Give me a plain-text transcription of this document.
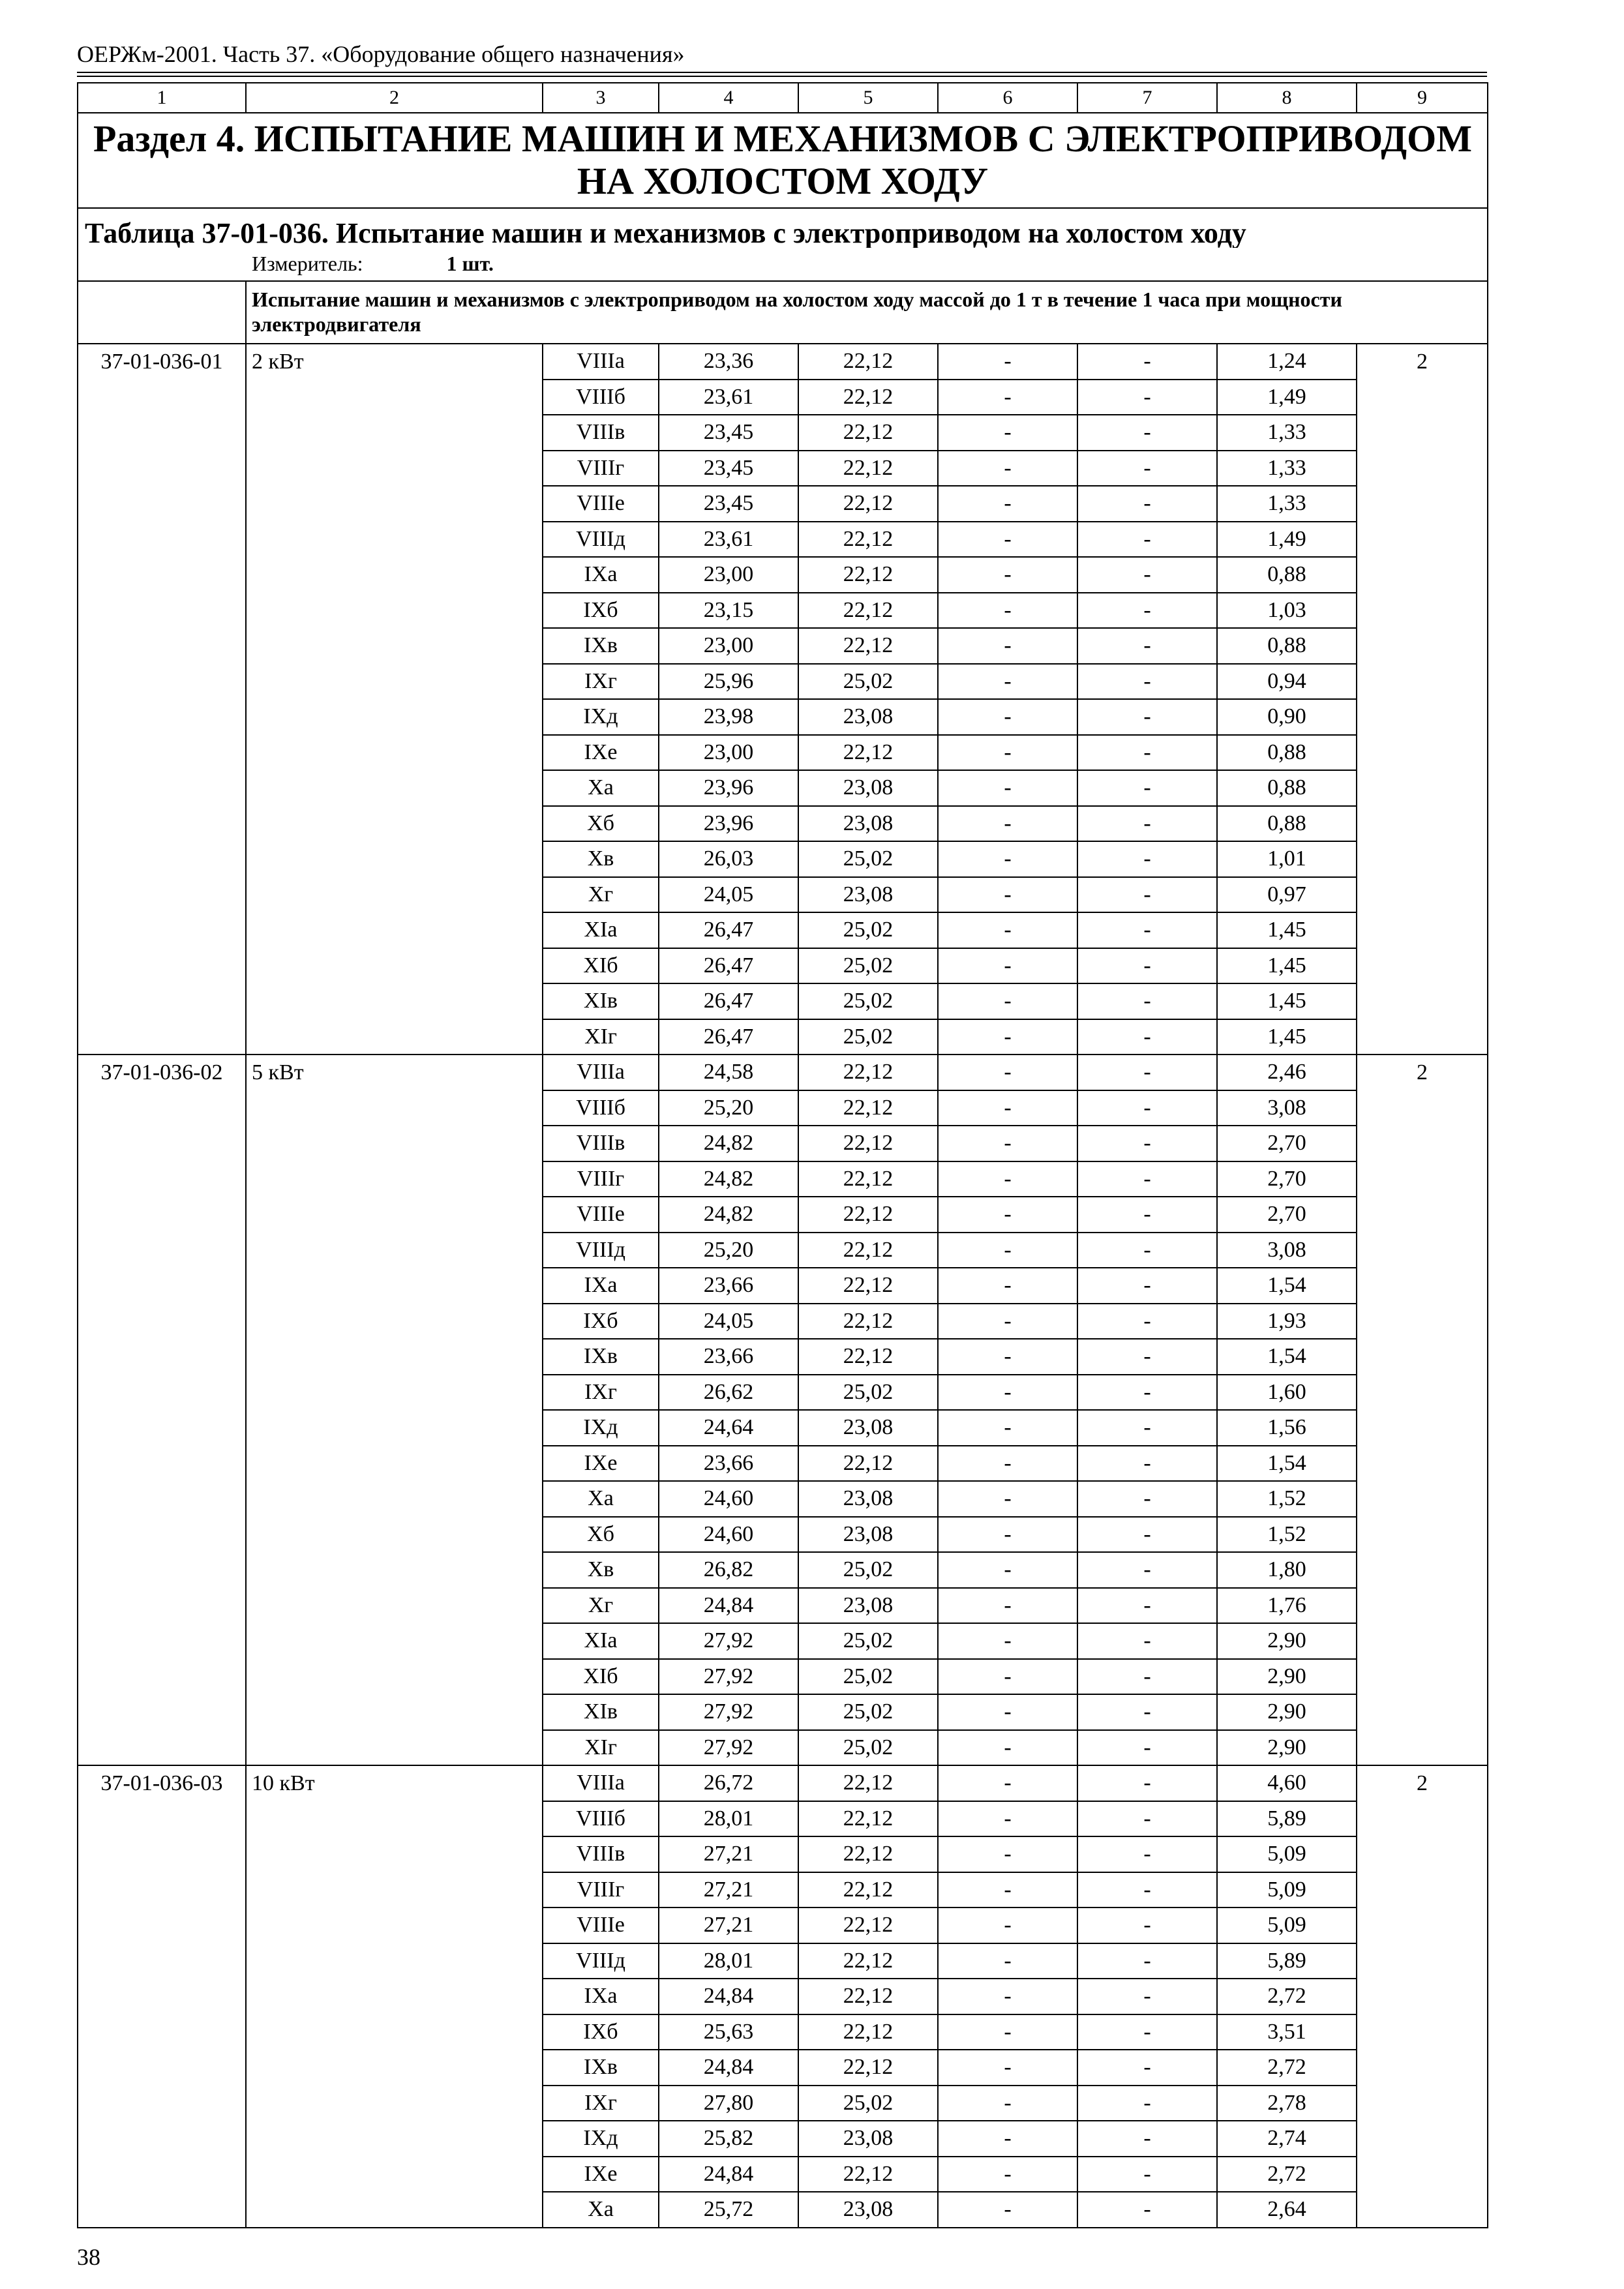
ОЕРЖм-2001. Часть 37. «Оборудование общего назначения»
1	2	3	4	5	6	7	8	9
Раздел 4. ИСПЫТАНИЕ МАШИН И МЕХАНИЗМОВ С ЭЛЕКТРОПРИВОДОМ НА ХОЛОСТОМ ХОДУ								
Таблица 37-01-036. Испытание машин и механизмов с электроприводом на холостом ходу								
Измеритель: 1 шт.								
	Испытание машин и механизмов с электроприводом на холостом ходу массой до 1 т в течение 1 часа при мощности электродвигателя							
37-01-036-01	2 кВт	VIIIа	23,36	22,12	-	-	1,24	2
		VIIIб	23,61	22,12	-	-	1,49	
		VIIIв	23,45	22,12	-	-	1,33	
		VIIIг	23,45	22,12	-	-	1,33	
		VIIIе	23,45	22,12	-	-	1,33	
		VIIIд	23,61	22,12	-	-	1,49	
		IXа	23,00	22,12	-	-	0,88	
		IXб	23,15	22,12	-	-	1,03	
		IXв	23,00	22,12	-	-	0,88	
		IXг	25,96	25,02	-	-	0,94	
		IXд	23,98	23,08	-	-	0,90	
		IXе	23,00	22,12	-	-	0,88	
		Xа	23,96	23,08	-	-	0,88	
		Xб	23,96	23,08	-	-	0,88	
		Xв	26,03	25,02	-	-	1,01	
		Xг	24,05	23,08	-	-	0,97	
		XIа	26,47	25,02	-	-	1,45	
		XIб	26,47	25,02	-	-	1,45	
		XIв	26,47	25,02	-	-	1,45	
		XIг	26,47	25,02	-	-	1,45	
37-01-036-02	5 кВт	VIIIа	24,58	22,12	-	-	2,46	2
		VIIIб	25,20	22,12	-	-	3,08	
		VIIIв	24,82	22,12	-	-	2,70	
		VIIIг	24,82	22,12	-	-	2,70	
		VIIIе	24,82	22,12	-	-	2,70	
		VIIIд	25,20	22,12	-	-	3,08	
		IXа	23,66	22,12	-	-	1,54	
		IXб	24,05	22,12	-	-	1,93	
		IXв	23,66	22,12	-	-	1,54	
		IXг	26,62	25,02	-	-	1,60	
		IXд	24,64	23,08	-	-	1,56	
		IXе	23,66	22,12	-	-	1,54	
		Xа	24,60	23,08	-	-	1,52	
		Xб	24,60	23,08	-	-	1,52	
		Xв	26,82	25,02	-	-	1,80	
		Xг	24,84	23,08	-	-	1,76	
		XIа	27,92	25,02	-	-	2,90	
		XIб	27,92	25,02	-	-	2,90	
		XIв	27,92	25,02	-	-	2,90	
		XIг	27,92	25,02	-	-	2,90	
37-01-036-03	10 кВт	VIIIа	26,72	22,12	-	-	4,60	2
		VIIIб	28,01	22,12	-	-	5,89	
		VIIIв	27,21	22,12	-	-	5,09	
		VIIIг	27,21	22,12	-	-	5,09	
		VIIIе	27,21	22,12	-	-	5,09	
		VIIIд	28,01	22,12	-	-	5,89	
		IXа	24,84	22,12	-	-	2,72	
		IXб	25,63	22,12	-	-	3,51	
		IXв	24,84	22,12	-	-	2,72	
		IXг	27,80	25,02	-	-	2,78	
		IXд	25,82	23,08	-	-	2,74	
		IXе	24,84	22,12	-	-	2,72	
		Xа	25,72	23,08	-	-	2,64	
38
